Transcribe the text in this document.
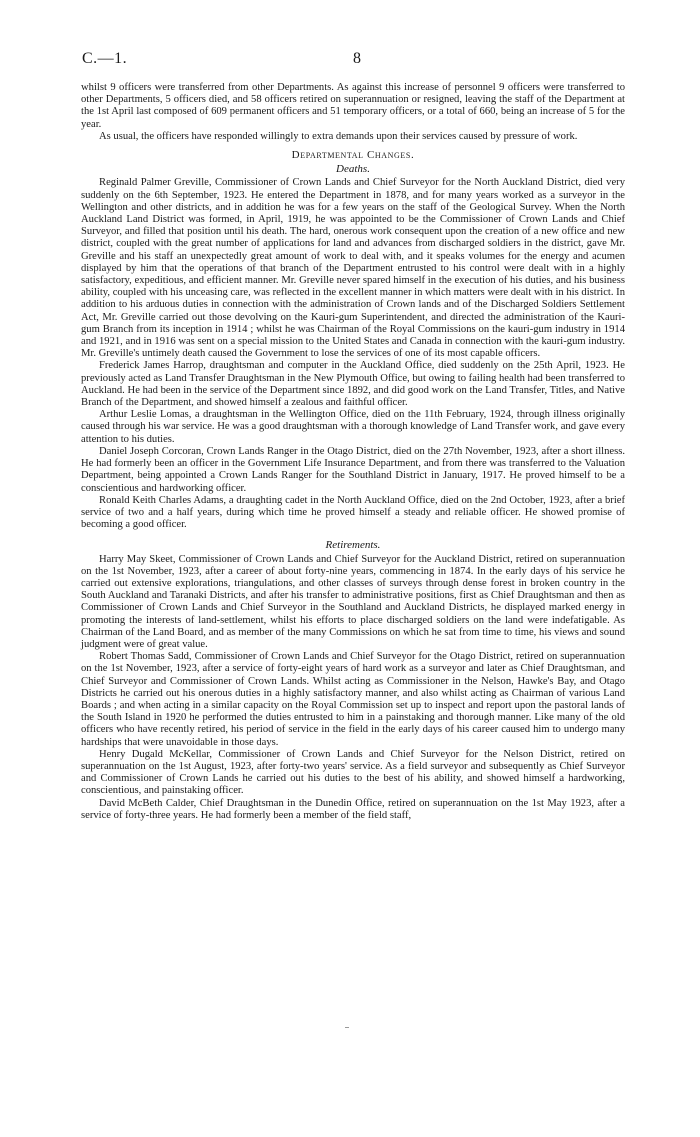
C.—1.	8

whilst 9 officers were transferred from other Departments. As against this increase of personnel 9 officers were transferred to other Departments, 5 officers died, and 58 officers retired on superannuation or resigned, leaving the staff of the Department at the 1st April last composed of 609 permanent officers and 51 temporary officers, or a total of 660, being an increase of 5 for the year.

As usual, the officers have responded willingly to extra demands upon their services caused by pressure of work.

Departmental Changes.
Deaths.

Reginald Palmer Greville, Commissioner of Crown Lands and Chief Surveyor for the North Auckland District, died very suddenly on the 6th September, 1923. He entered the Department in 1878, and for many years worked as a surveyor in the Wellington and other districts, and in addition he was for a few years on the staff of the Geological Survey. When the North Auckland Land District was formed, in April, 1919, he was appointed to be the Commissioner of Crown Lands and Chief Surveyor, and filled that position until his death. The hard, onerous work consequent upon the creation of a new office and new district, coupled with the great number of applications for land and advances from discharged soldiers in the district, gave Mr. Greville and his staff an unexpectedly great amount of work to deal with, and it speaks volumes for the energy and acumen displayed by him that the operations of that branch of the Department entrusted to his control were dealt with in a highly satisfactory, expeditious, and efficient manner. Mr. Greville never spared himself in the execution of his duties, and his business ability, coupled with his unceasing care, was reflected in the excellent manner in which matters were dealt with in his district. In addition to his arduous duties in connection with the administration of Crown lands and of the Discharged Soldiers Settlement Act, Mr. Greville carried out those devolving on the Kauri-gum Superintendent, and directed the administration of the Kauri-gum Branch from its inception in 1914 ; whilst he was Chairman of the Royal Commissions on the kauri-gum industry in 1914 and 1921, and in 1916 was sent on a special mission to the United States and Canada in connection with the kauri-gum industry. Mr. Greville's untimely death caused the Government to lose the services of one of its most capable officers.

Frederick James Harrop, draughtsman and computer in the Auckland Office, died suddenly on the 25th April, 1923. He previously acted as Land Transfer Draughtsman in the New Plymouth Office, but owing to failing health had been transferred to Auckland. He had been in the service of the Department since 1892, and did good work on the Land Transfer, Titles, and Native Branch of the Department, and showed himself a zealous and faithful officer.

Arthur Leslie Lomas, a draughtsman in the Wellington Office, died on the 11th February, 1924, through illness originally caused through his war service. He was a good draughtsman with a thorough knowledge of Land Transfer work, and gave every attention to his duties.

Daniel Joseph Corcoran, Crown Lands Ranger in the Otago District, died on the 27th November, 1923, after a short illness. He had formerly been an officer in the Government Life Insurance Department, and from there was transferred to the Valuation Department, being appointed a Crown Lands Ranger for the Southland District in January, 1917. He proved himself to be a conscientious and hardworking officer.

Ronald Keith Charles Adams, a draughting cadet in the North Auckland Office, died on the 2nd October, 1923, after a brief service of two and a half years, during which time he proved himself a steady and reliable officer. He showed promise of becoming a good officer.

Retirements.

Harry May Skeet, Commissioner of Crown Lands and Chief Surveyor for the Auckland District, retired on superannuation on the 1st November, 1923, after a career of about forty-nine years, commencing in 1874. In the early days of his service he carried out extensive explorations, triangulations, and other classes of surveys through dense forest in broken country in the South Auckland and Taranaki Districts, and after his transfer to administrative positions, first as Chief Draughtsman and then as Commissioner of Crown Lands and Chief Surveyor in the Southland and Auckland Districts, he displayed marked energy in promoting the interests of land-settlement, whilst his efforts to place discharged soldiers on the land were indefatigable. As Chairman of the Land Board, and as member of the many Commissions on which he sat from time to time, his views and sound judgment were of great value.

Robert Thomas Sadd, Commissioner of Crown Lands and Chief Surveyor for the Otago District, retired on superannuation on the 1st November, 1923, after a service of forty-eight years of hard work as a surveyor and later as Chief Draughtsman, and Chief Surveyor and Commissioner of Crown Lands. Whilst acting as Commissioner in the Nelson, Hawke's Bay, and Otago Districts he carried out his onerous duties in a highly satisfactory manner, and also whilst acting as Chairman of various Land Boards ; and when acting in a similar capacity on the Royal Commission set up to inspect and report upon the pastoral lands of the South Island in 1920 he performed the duties entrusted to him in a painstaking and thorough manner. Like many of the old officers who have recently retired, his period of service in the field in the early days of his career caused him to undergo many hardships that were unavoidable in those days.

Henry Dugald McKellar, Commissioner of Crown Lands and Chief Surveyor for the Nelson District, retired on superannuation on the 1st August, 1923, after forty-two years' service. As a field surveyor and subsequently as Chief Surveyor and Commissioner of Crown Lands he carried out his duties to the best of his ability, and showed himself a hardworking, conscientious, and painstaking officer.

David McBeth Calder, Chief Draughtsman in the Dunedin Office, retired on superannuation on the 1st May 1923, after a service of forty-three years. He had formerly been a member of the field staff,
